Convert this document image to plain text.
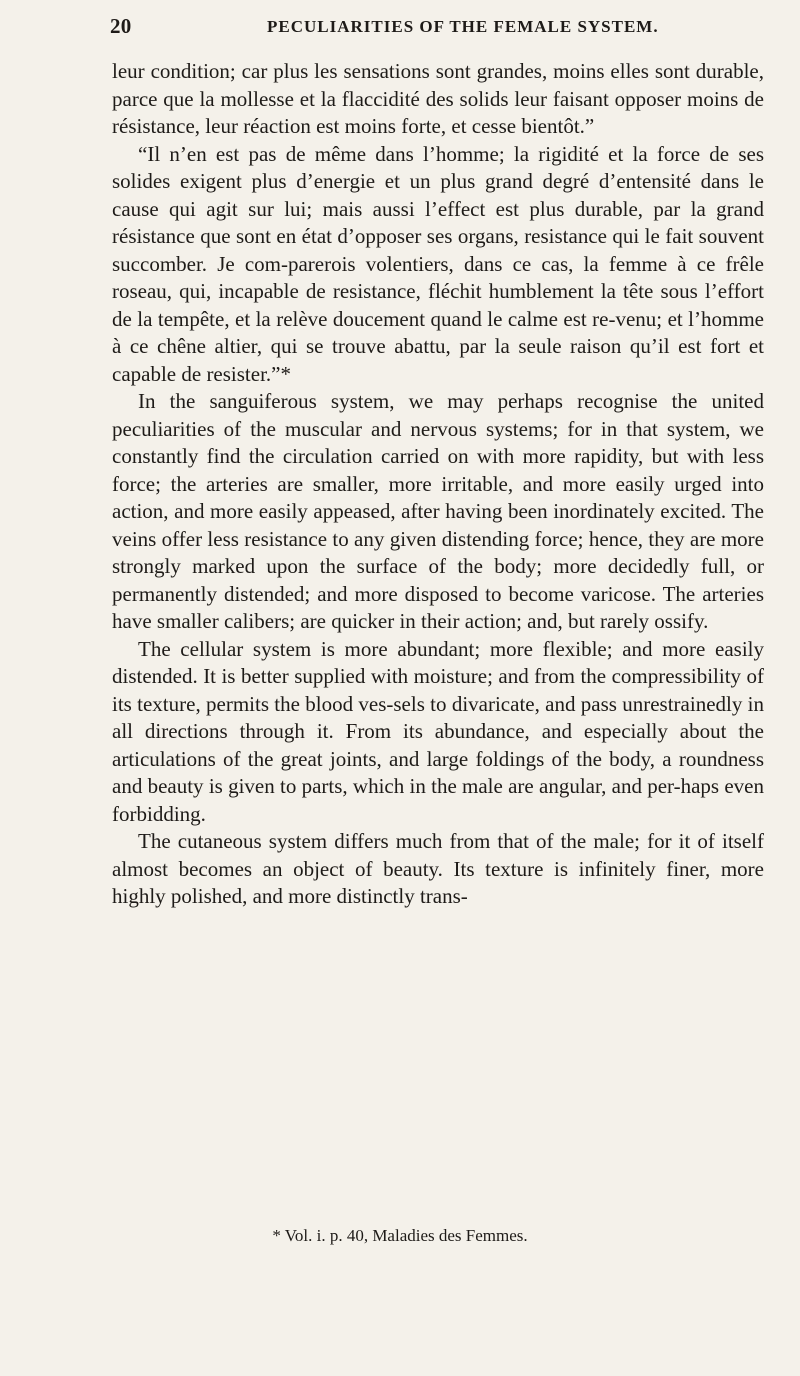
20	PECULIARITIES OF THE FEMALE SYSTEM.

leur condition; car plus les sensations sont grandes, moins elles sont durable, parce que la mollesse et la flaccidité des solids leur faisant opposer moins de résistance, leur réaction est moins forte, et cesse bientôt.”

“Il n’en est pas de même dans l’homme; la rigidité et la force de ses solides exigent plus d’energie et un plus grand degré d’entensité dans le cause qui agit sur lui; mais aussi l’effect est plus durable, par la grand résistance que sont en état d’opposer ses organs, resistance qui le fait souvent succomber. Je com-parerois volentiers, dans ce cas, la femme à ce frêle roseau, qui, incapable de resistance, fléchit humblement la tête sous l’effort de la tempête, et la relève doucement quand le calme est re-venu; et l’homme à ce chêne altier, qui se trouve abattu, par la seule raison qu’il est fort et capable de resister.”*

In the sanguiferous system, we may perhaps recognise the united peculiarities of the muscular and nervous systems; for in that system, we constantly find the circulation carried on with more rapidity, but with less force; the arteries are smaller, more irritable, and more easily urged into action, and more easily appeased, after having been inordinately excited. The veins offer less resistance to any given distending force; hence, they are more strongly marked upon the surface of the body; more decidedly full, or permanently distended; and more disposed to become varicose. The arteries have smaller calibers; are quicker in their action; and, but rarely ossify.

The cellular system is more abundant; more flexible; and more easily distended. It is better supplied with moisture; and from the compressibility of its texture, permits the blood ves-sels to divaricate, and pass unrestrainedly in all directions through it. From its abundance, and especially about the articulations of the great joints, and large foldings of the body, a roundness and beauty is given to parts, which in the male are angular, and per-haps even forbidding.

The cutaneous system differs much from that of the male; for it of itself almost becomes an object of beauty. Its texture is infinitely finer, more highly polished, and more distinctly trans-

* Vol. i. p. 40, Maladies des Femmes.
